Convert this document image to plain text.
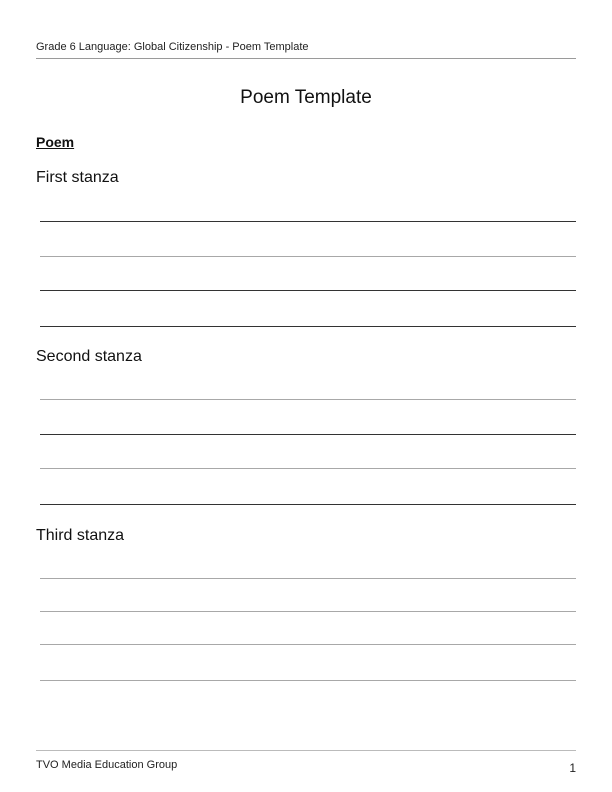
Grade 6 Language: Global Citizenship - Poem Template
Poem Template
Poem
First stanza
Second stanza
Third stanza
TVO Media Education Group	1
